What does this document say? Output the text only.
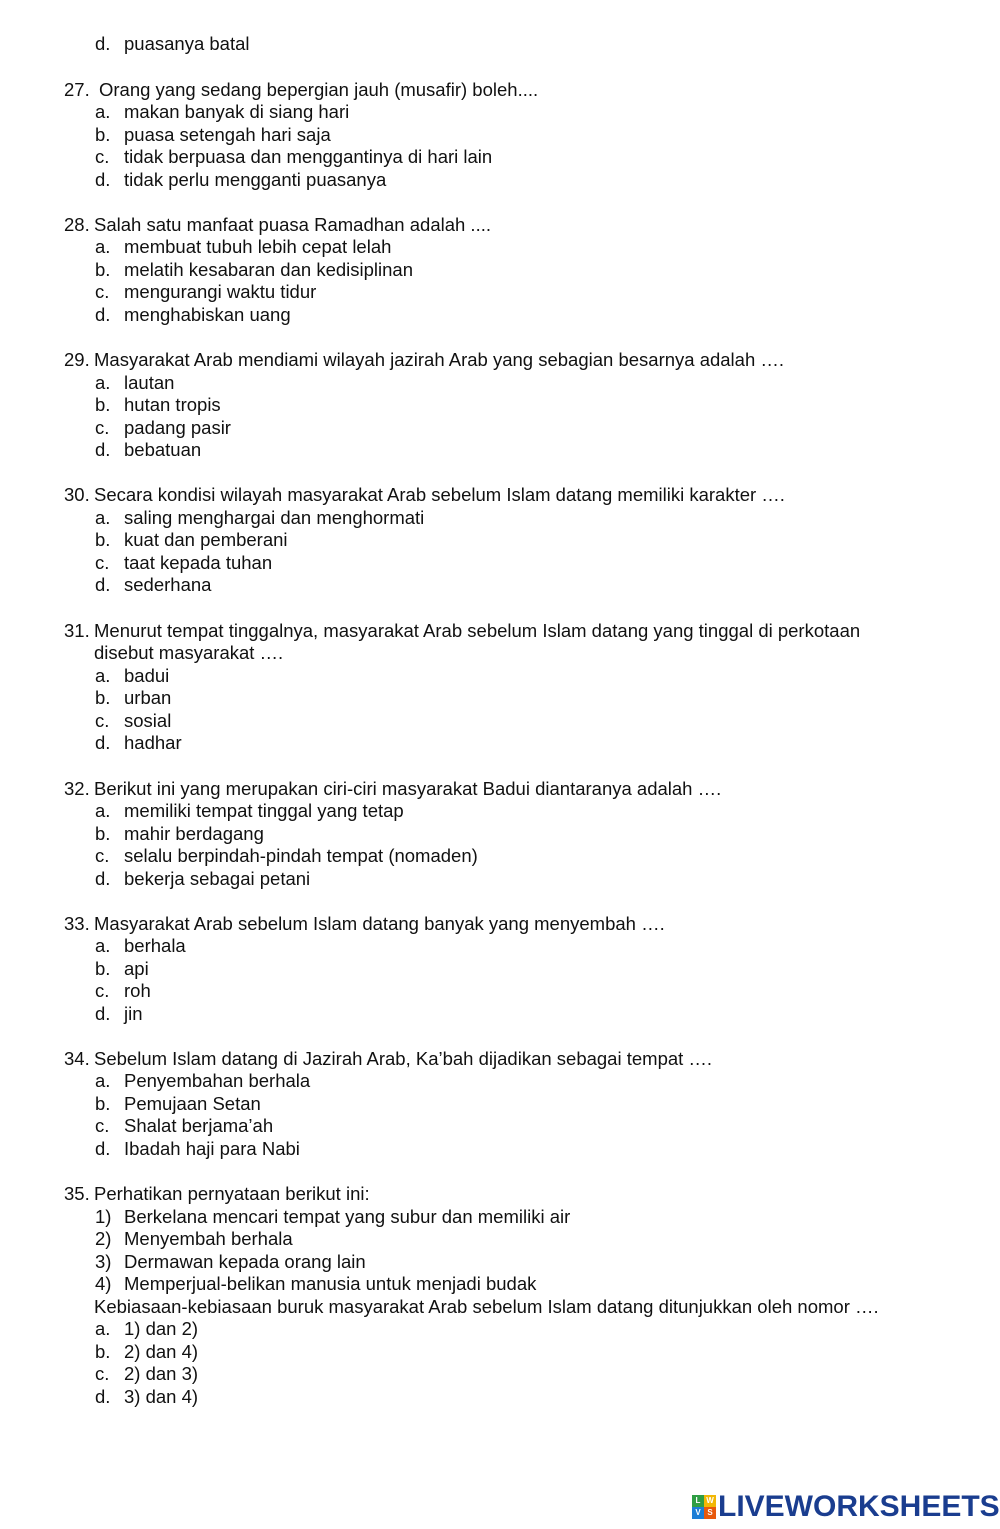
d. puasanya batal
27. Orang yang sedang bepergian jauh (musafir) boleh....
a. makan banyak di siang hari
b. puasa setengah hari saja
c. tidak berpuasa dan menggantinya di hari lain
d. tidak perlu mengganti puasanya
28. Salah satu manfaat puasa Ramadhan adalah ....
a. membuat tubuh lebih cepat lelah
b. melatih kesabaran dan kedisiplinan
c. mengurangi waktu tidur
d. menghabiskan uang
29. Masyarakat Arab mendiami wilayah jazirah Arab yang sebagian besarnya adalah ….
a. lautan
b. hutan tropis
c. padang pasir
d. bebatuan
30. Secara kondisi wilayah masyarakat Arab sebelum Islam datang memiliki karakter ….
a. saling menghargai dan menghormati
b. kuat dan pemberani
c. taat kepada tuhan
d. sederhana
31. Menurut tempat tinggalnya, masyarakat Arab sebelum Islam datang yang tinggal di perkotaan
disebut masyarakat ….
a. badui
b. urban
c. sosial
d. hadhar
32. Berikut ini yang merupakan ciri-ciri masyarakat Badui diantaranya adalah ….
a. memiliki tempat tinggal yang tetap
b. mahir berdagang
c. selalu berpindah-pindah tempat (nomaden)
d. bekerja sebagai petani
33. Masyarakat Arab sebelum Islam datang banyak yang menyembah ….
a. berhala
b. api
c. roh
d. jin
34. Sebelum Islam datang di Jazirah Arab, Ka’bah dijadikan sebagai tempat ….
a. Penyembahan berhala
b. Pemujaan Setan
c. Shalat berjama’ah
d. Ibadah haji para Nabi
35. Perhatikan pernyataan berikut ini:
1) Berkelana mencari tempat yang subur dan memiliki air
2) Menyembah berhala
3) Dermawan kepada orang lain
4) Memperjual-belikan manusia untuk menjadi budak
Kebiasaan-kebiasaan buruk masyarakat Arab sebelum Islam datang ditunjukkan oleh nomor ….
a. 1) dan 2)
b. 2) dan 4)
c. 2) dan 3)
d. 3) dan 4)
L W
V S LIVEWORKSHEETS
